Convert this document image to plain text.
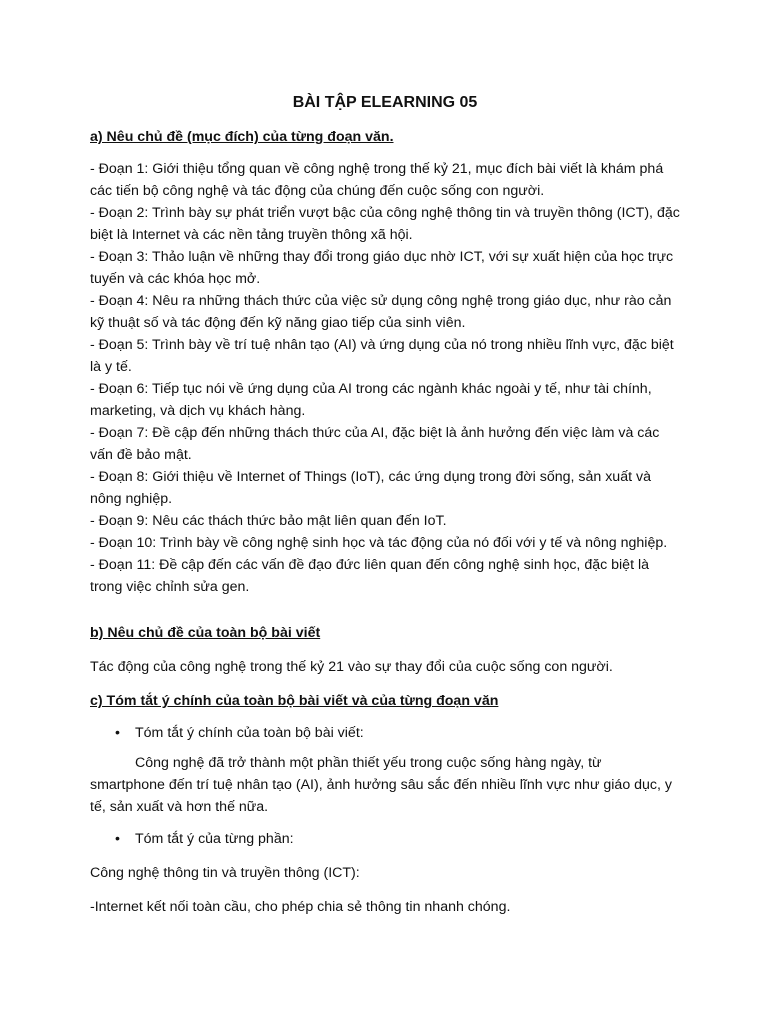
BÀI TẬP ELEARNING 05

a) Nêu chủ đề (mục đích) của từng đoạn văn.

- Đoạn 1: Giới thiệu tổng quan về công nghệ trong thế kỷ 21, mục đích bài viết là khám phá các tiến bộ công nghệ và tác động của chúng đến cuộc sống con người.
- Đoạn 2: Trình bày sự phát triển vượt bậc của công nghệ thông tin và truyền thông (ICT), đặc biệt là Internet và các nền tảng truyền thông xã hội.
- Đoạn 3: Thảo luận về những thay đổi trong giáo dục nhờ ICT, với sự xuất hiện của học trực tuyến và các khóa học mở.
- Đoạn 4: Nêu ra những thách thức của việc sử dụng công nghệ trong giáo dục, như rào cản kỹ thuật số và tác động đến kỹ năng giao tiếp của sinh viên.
- Đoạn 5: Trình bày về trí tuệ nhân tạo (AI) và ứng dụng của nó trong nhiều lĩnh vực, đặc biệt là y tế.
- Đoạn 6: Tiếp tục nói về ứng dụng của AI trong các ngành khác ngoài y tế, như tài chính, marketing, và dịch vụ khách hàng.
- Đoạn 7: Đề cập đến những thách thức của AI, đặc biệt là ảnh hưởng đến việc làm và các vấn đề bảo mật.
- Đoạn 8: Giới thiệu về Internet of Things (IoT), các ứng dụng trong đời sống, sản xuất và nông nghiệp.
- Đoạn 9: Nêu các thách thức bảo mật liên quan đến IoT.
- Đoạn 10: Trình bày về công nghệ sinh học và tác động của nó đối với y tế và nông nghiệp.
- Đoạn 11: Đề cập đến các vấn đề đạo đức liên quan đến công nghệ sinh học, đặc biệt là trong việc chỉnh sửa gen.

b) Nêu chủ đề của toàn bộ bài viết

Tác động của công nghệ trong thế kỷ 21 vào sự thay đổi của cuộc sống con người.

c) Tóm tắt ý chính của toàn bộ bài viết và của từng đoạn văn

•	Tóm tắt ý chính của toàn bộ bài viết:

Công nghệ đã trở thành một phần thiết yếu trong cuộc sống hàng ngày, từ smartphone đến trí tuệ nhân tạo (AI), ảnh hưởng sâu sắc đến nhiều lĩnh vực như giáo dục, y tế, sản xuất và hơn thế nữa.

•	Tóm tắt ý của từng phần:

Công nghệ thông tin và truyền thông (ICT):

-Internet kết nối toàn cầu, cho phép chia sẻ thông tin nhanh chóng.
